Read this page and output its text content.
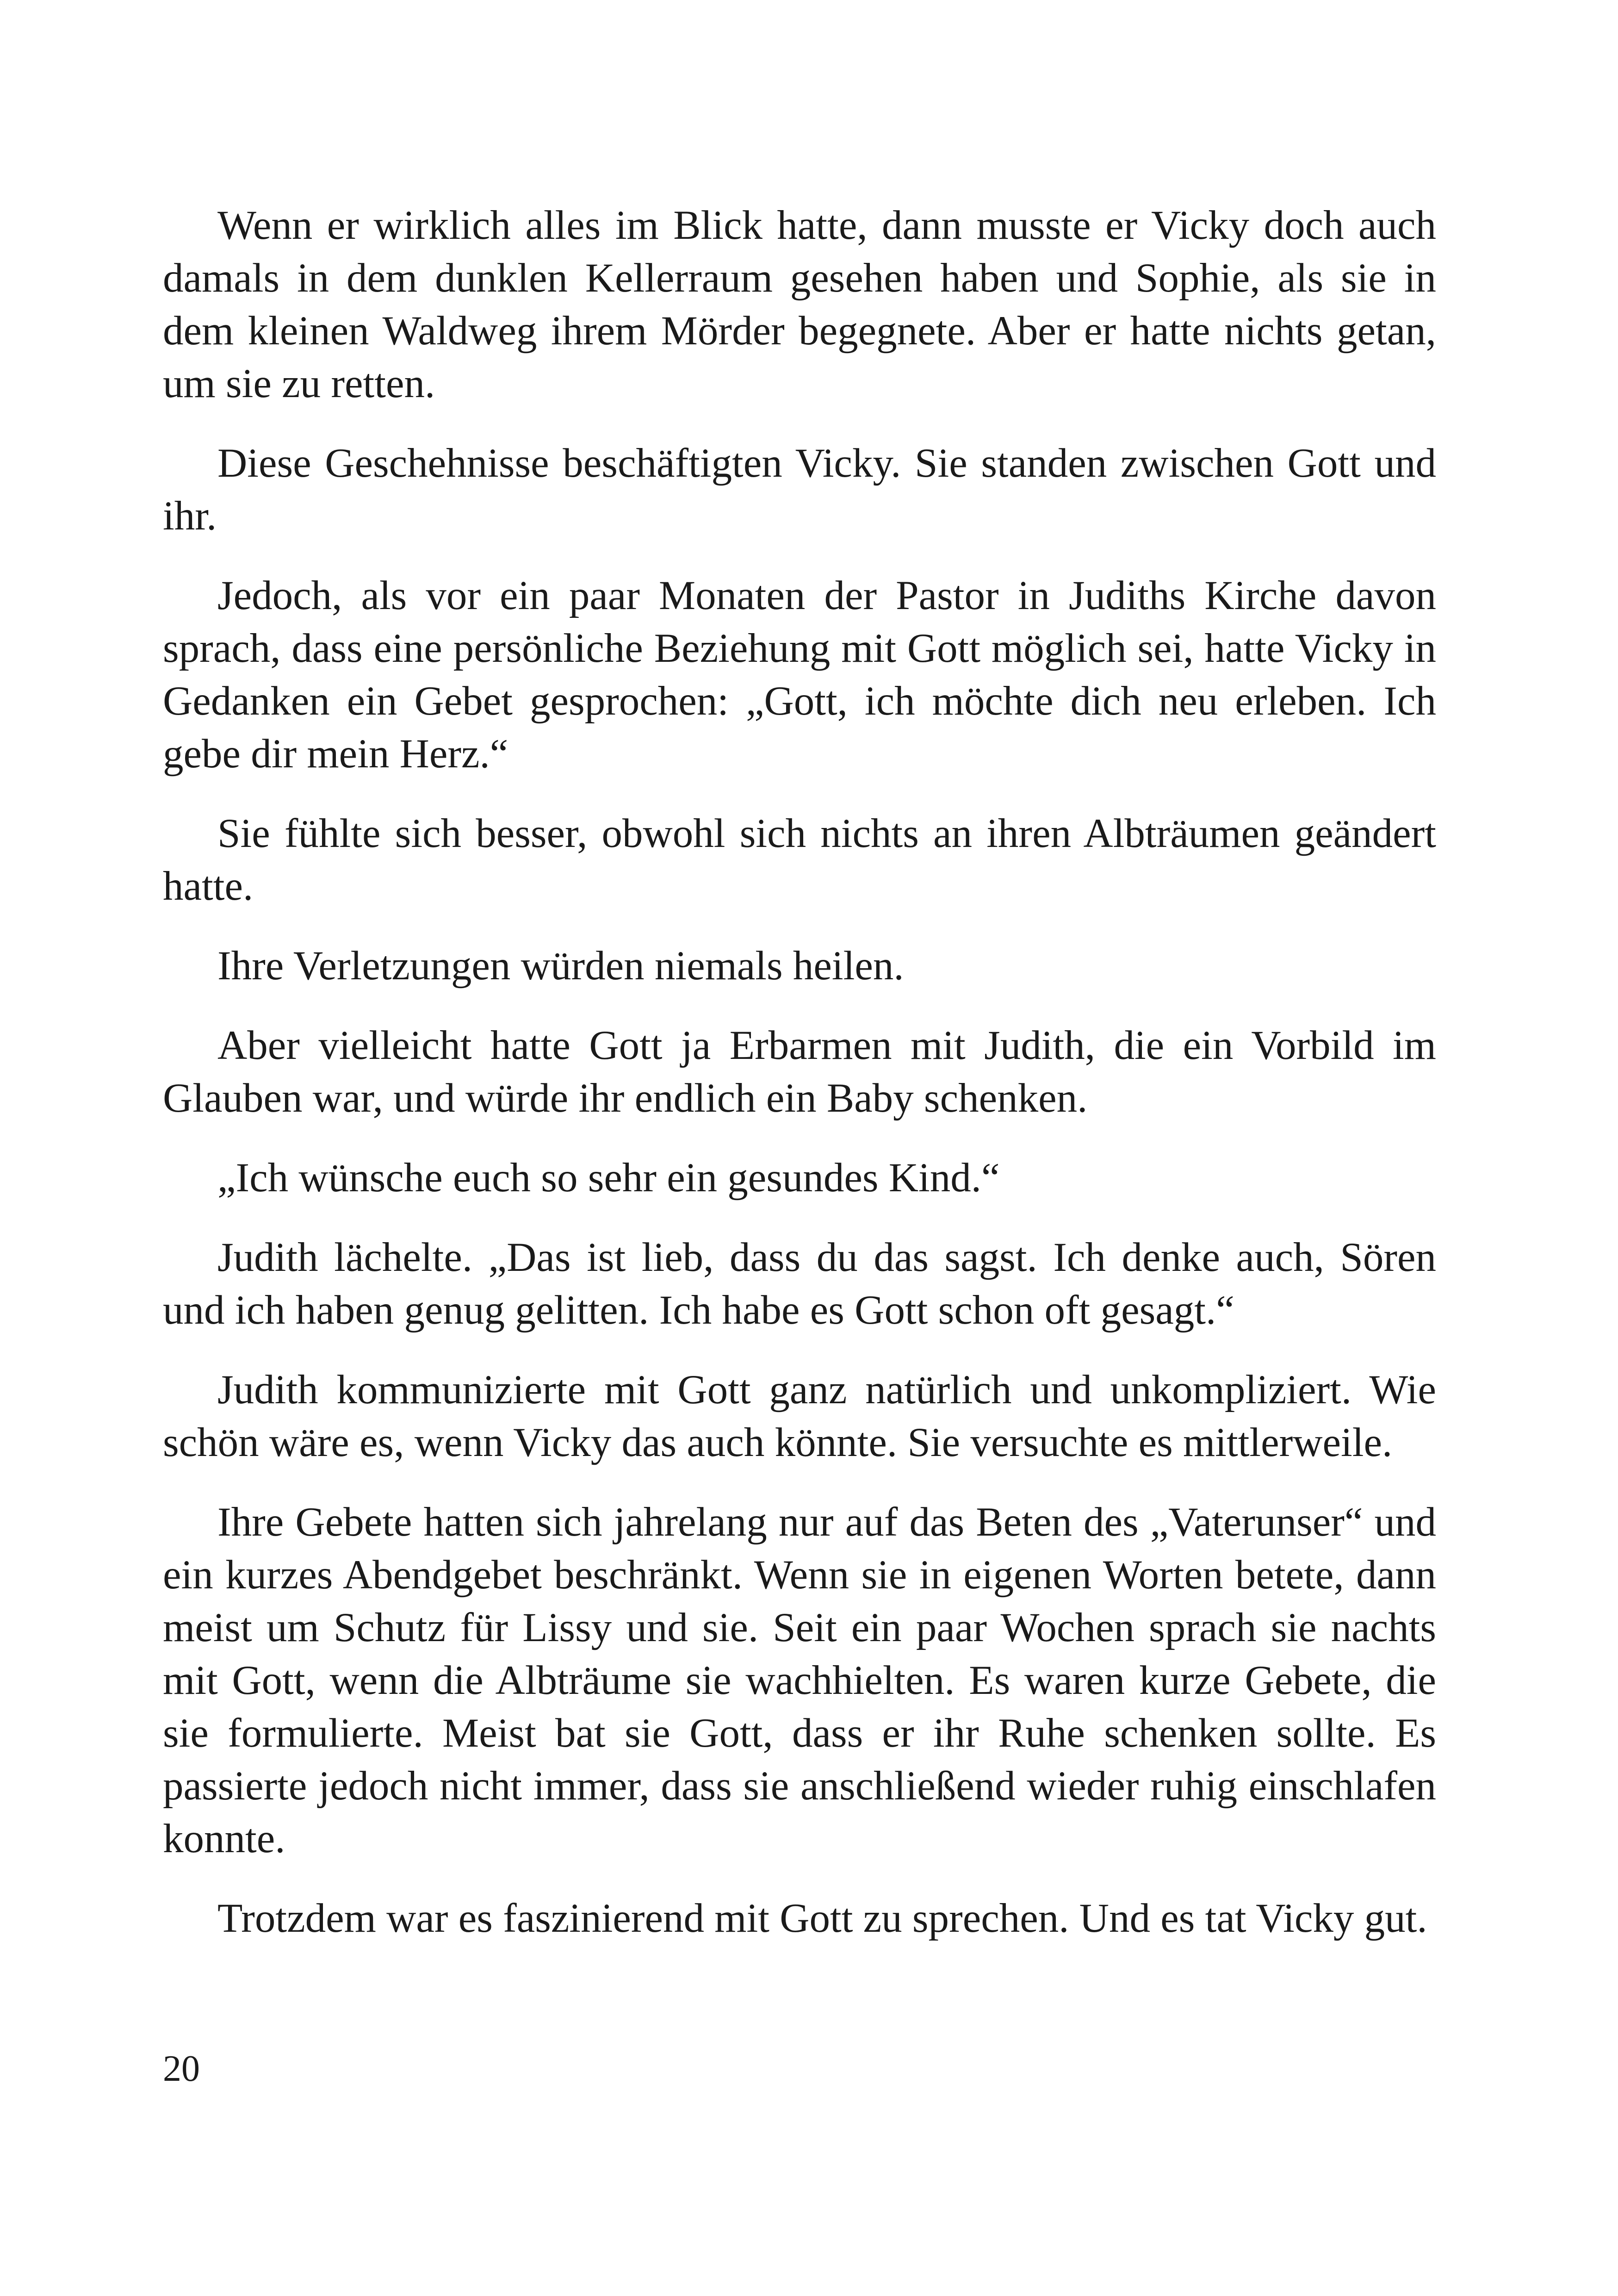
Wenn er wirklich alles im Blick hatte, dann musste er Vicky doch auch damals in dem dunklen Kellerraum gesehen haben und Sophie, als sie in dem kleinen Waldweg ihrem Mörder begegnete. Aber er hatte nichts getan, um sie zu retten.

Diese Geschehnisse beschäftigten Vicky. Sie standen zwischen Gott und ihr.

Jedoch, als vor ein paar Monaten der Pastor in Judiths Kirche davon sprach, dass eine persönliche Beziehung mit Gott möglich sei, hatte Vicky in Gedanken ein Gebet gesprochen: „Gott, ich möchte dich neu erleben. Ich gebe dir mein Herz.“

Sie fühlte sich besser, obwohl sich nichts an ihren Albträumen geändert hatte.

Ihre Verletzungen würden niemals heilen.

Aber vielleicht hatte Gott ja Erbarmen mit Judith, die ein Vorbild im Glauben war, und würde ihr endlich ein Baby schenken.

„Ich wünsche euch so sehr ein gesundes Kind.“

Judith lächelte. „Das ist lieb, dass du das sagst. Ich denke auch, Sören und ich haben genug gelitten. Ich habe es Gott schon oft gesagt.“

Judith kommunizierte mit Gott ganz natürlich und unkompliziert. Wie schön wäre es, wenn Vicky das auch könnte. Sie versuchte es mittlerweile.

Ihre Gebete hatten sich jahrelang nur auf das Beten des „Vaterunser“ und ein kurzes Abendgebet beschränkt. Wenn sie in eigenen Worten betete, dann meist um Schutz für Lissy und sie. Seit ein paar Wochen sprach sie nachts mit Gott, wenn die Albträume sie wachhielten. Es waren kurze Gebete, die sie formulierte. Meist bat sie Gott, dass er ihr Ruhe schenken sollte. Es passierte jedoch nicht immer, dass sie anschließend wieder ruhig einschlafen konnte.

Trotzdem war es faszinierend mit Gott zu sprechen. Und es tat Vicky gut.

20
